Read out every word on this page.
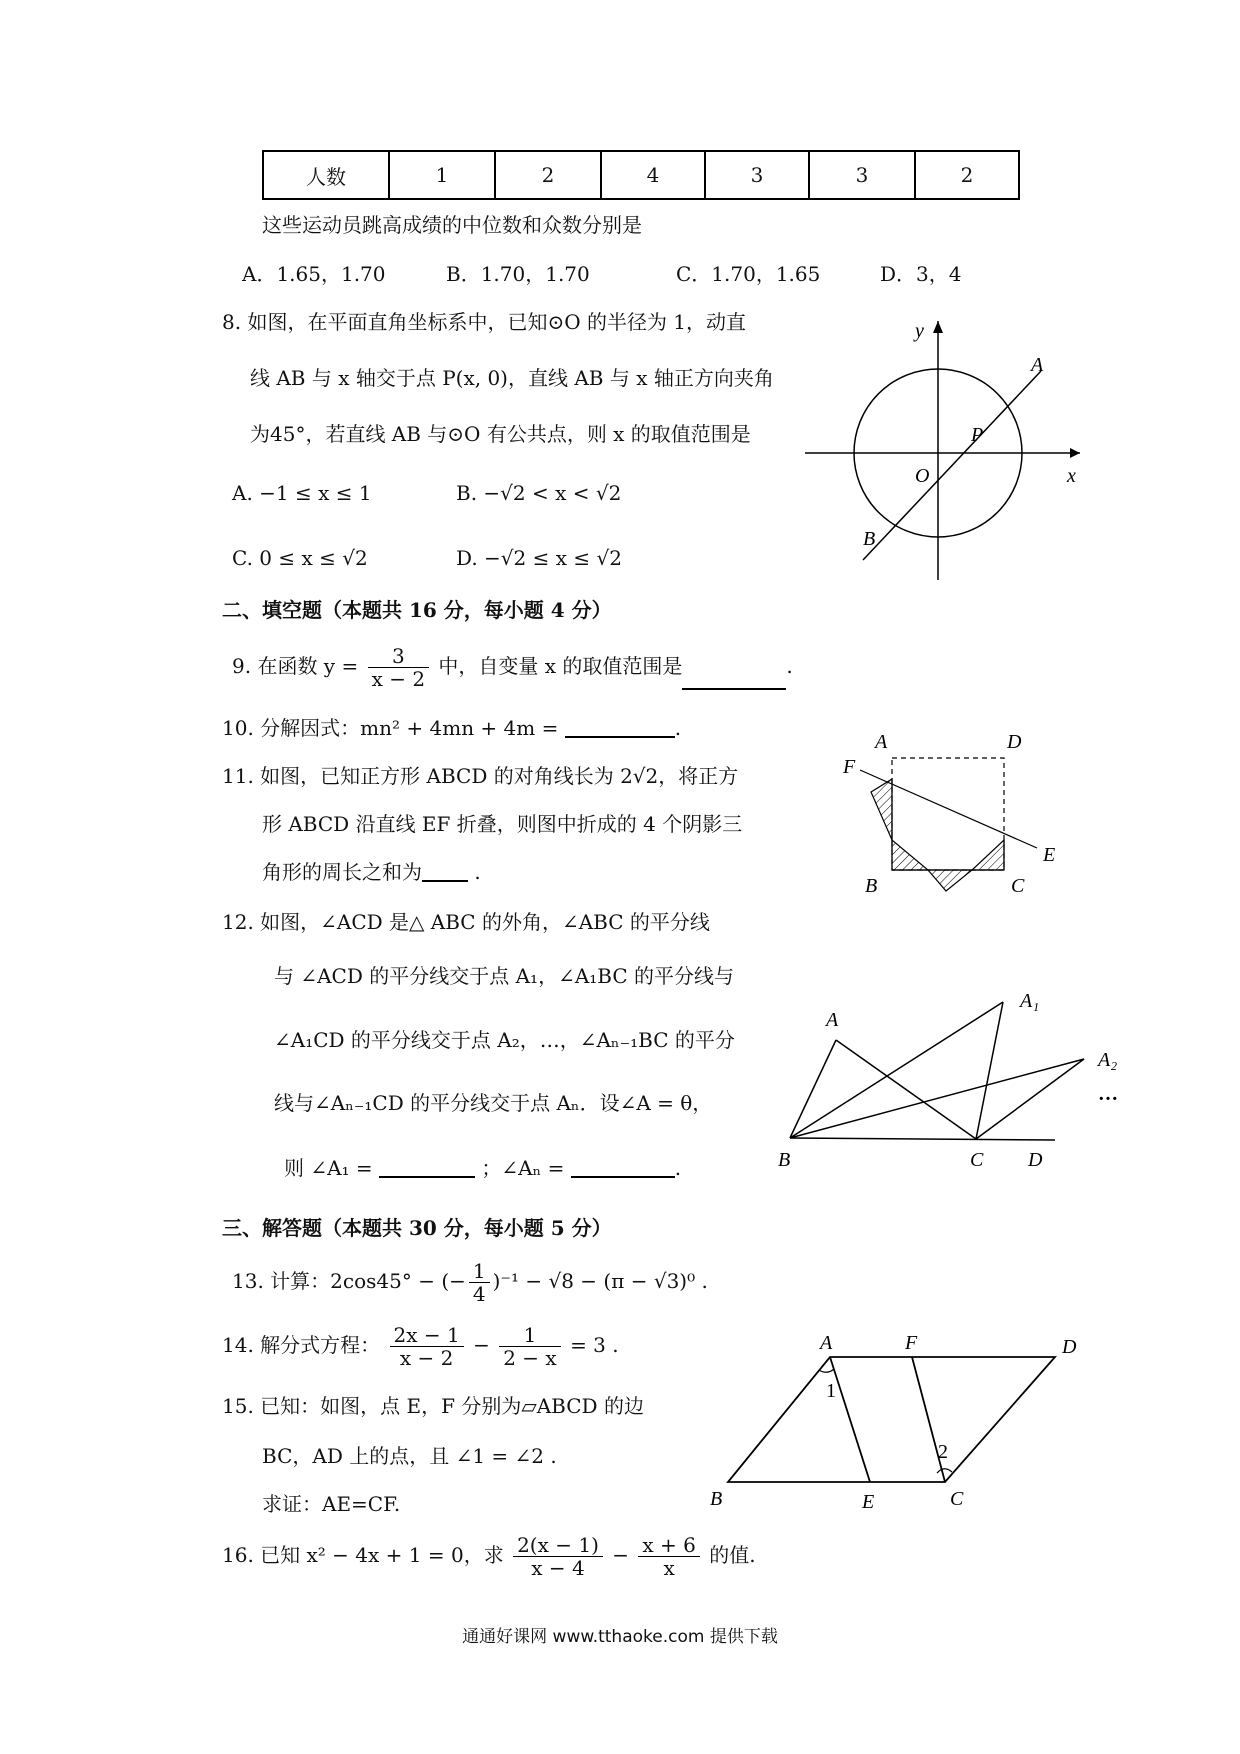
人数	1	2	4	3	3	2
这些运动员跳高成绩的中位数和众数分别是
A．1.65，1.70	B．1.70，1.70	C．1.70，1.65	D．3，4
8. 如图，在平面直角坐标系中，已知⊙O 的半径为 1，动直
线 AB 与 x 轴交于点 P(x, 0)，直线 AB 与 x 轴正方向夹角
为45°，若直线 AB 与⊙O 有公共点，则 x 的取值范围是
A. −1 ≤ x ≤ 1	B. −√2 < x < √2
C. 0 ≤ x ≤ √2	D. −√2 ≤ x ≤ √2
y
A
P
O	x
B
二、填空题（本题共 16 分，每小题 4 分）
9. 在函数 $y = \frac{3}{x - 2}$ 中，自变量 x 的取值范围是	.
10. 分解因式：mn² + 4mn + 4m =	.
11. 如图，已知正方形 ABCD 的对角线长为 2√2，将正方
形 ABCD 沿直线 EF 折叠，则图中折成的 4 个阴影三
角形的周长之和为 .
A	D
F
E
B	C
12. 如图，∠ACD 是△ ABC 的外角，∠ABC 的平分线
与 ∠ACD 的平分线交于点 A₁，∠A₁BC 的平分线与
∠A₁CD 的平分线交于点 A₂，…，∠Aₙ₋₁BC 的平分
线与∠Aₙ₋₁CD 的平分线交于点 Aₙ．设∠A = θ，
则 ∠A₁ =	；∠Aₙ =	.
A
A₁
A₂
…
B	C D
三、解答题（本题共 30 分，每小题 5 分）
13. 计算：2cos45° − (− $\frac{1}{4} )^{-1} - √8 - (\pi - √3)^0$ .
14. 解分式方程： $\frac{2x - 1}{x - 2} - \frac{1}{2 - x} = 3$ .
15. 已知：如图，点 E，F 分别为▱ABCD 的边
BC，AD 上的点，且 ∠1 = ∠2 .
求证：AE=CF.
A	F	D
1
2
B	E	C
16. 已知 x² − 4x + 1 = 0，求 $\frac{2(x - 1)}{x - 4} - \frac{x + 6}{x}$ 的值.
通通好课网 www.tthaoke.com 提供下载
